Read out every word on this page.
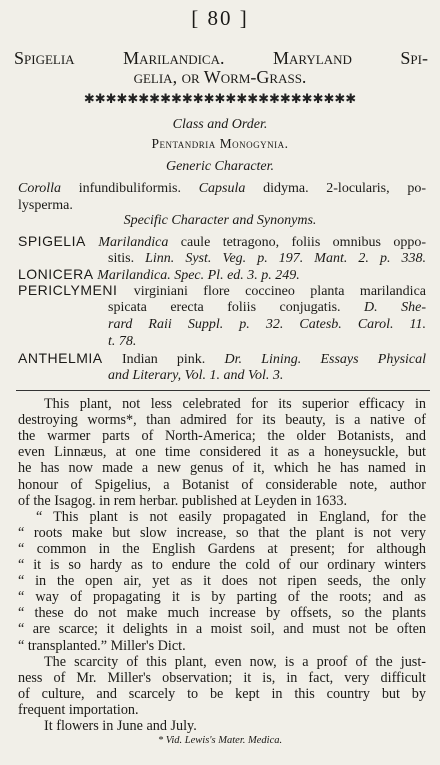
[ 80 ]
Spigelia Marilandica. Maryland Spi-
gelia, or Worm-Grass.
✱✱✱✱✱✱✱✱✱✱✱✱✱✱✱✱✱✱✱✱✱✱✱✱✱
Class and Order.
Pentandria Monogynia.
Generic Character.
Corolla infundibuliformis. Capsula didyma. 2-locularis, po-
lysperma.
Specific Character and Synonyms.
SPIGELIA Marilandica caule tetragono, foliis omnibus oppo-
sitis. Linn. Syst. Veg. p. 197. Mant. 2. p. 338.
LONICERA Marilandica. Spec. Pl. ed. 3. p. 249.
PERICLYMENI virginiani flore coccineo planta marilandica
spicata erecta foliis conjugatis. D. She-
rard Raii Suppl. p. 32. Catesb. Carol. 11.
t. 78.
ANTHELMIA Indian pink. Dr. Lining. Essays Physical
and Literary, Vol. 1. and Vol. 3.
This plant, not less celebrated for its superior efficacy in
destroying worms*, than admired for its beauty, is a native of
the warmer parts of North-America; the older Botanists, and
even Linnæus, at one time considered it as a honeysuckle, but
he has now made a new genus of it, which he has named in
honour of Spigelius, a Botanist of considerable note, author
of the Isagog. in rem herbar. published at Leyden in 1633.
“ This plant is not easily propagated in England, for the
“ roots make but slow increase, so that the plant is not very
“ common in the English Gardens at present; for although
“ it is so hardy as to endure the cold of our ordinary winters
“ in the open air, yet as it does not ripen seeds, the only
“ way of propagating it is by parting of the roots; and as
“ these do not make much increase by offsets, so the plants
“ are scarce; it delights in a moist soil, and must not be often
“ transplanted.” Miller's Dict.
The scarcity of this plant, even now, is a proof of the just-
ness of Mr. Miller's observation; it is, in fact, very difficult
of culture, and scarcely to be kept in this country but by
frequent importation.
It flowers in June and July.
* Vid. Lewis's Mater. Medica.
